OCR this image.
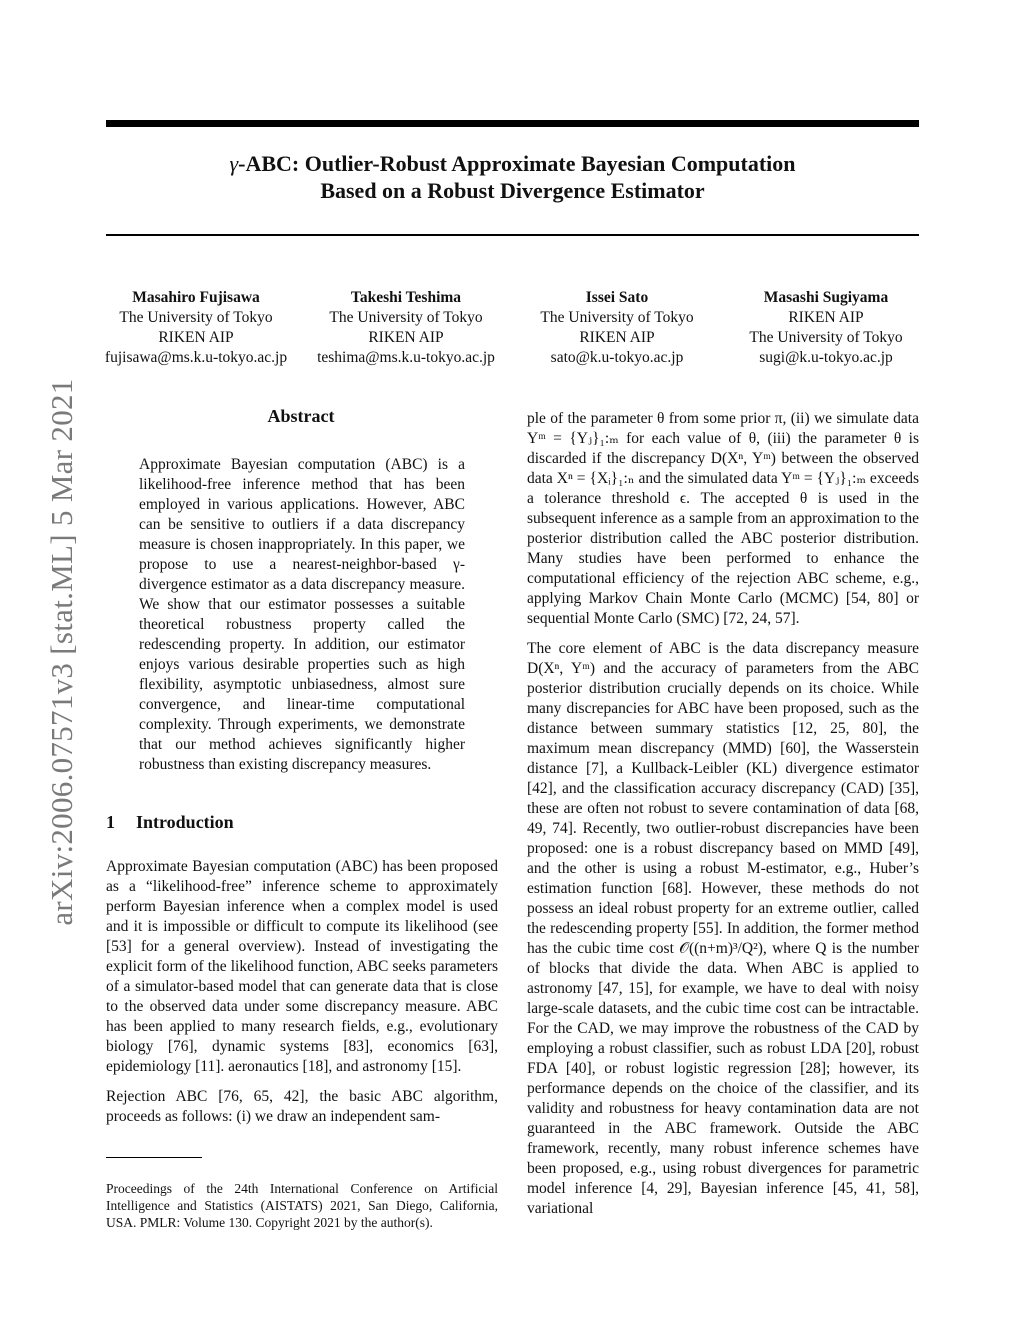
γ-ABC: Outlier-Robust Approximate Bayesian Computation
Based on a Robust Divergence Estimator
arXiv:2006.07571v3 [stat.ML] 5 Mar 2021
Masahiro Fujisawa
The University of Tokyo
RIKEN AIP
fujisawa@ms.k.u-tokyo.ac.jp
Takeshi Teshima
The University of Tokyo
RIKEN AIP
teshima@ms.k.u-tokyo.ac.jp
Issei Sato
The University of Tokyo
RIKEN AIP
sato@k.u-tokyo.ac.jp
Masashi Sugiyama
RIKEN AIP
The University of Tokyo
sugi@k.u-tokyo.ac.jp
Abstract
Approximate Bayesian computation (ABC) is a likelihood-free inference method that has been employed in various applications. However, ABC can be sensitive to outliers if a data discrepancy measure is chosen inappropriately. In this paper, we propose to use a nearest-neighbor-based γ-divergence estimator as a data discrepancy measure. We show that our estimator possesses a suitable theoretical robustness property called the redescending property. In addition, our estimator enjoys various desirable properties such as high flexibility, asymptotic unbiasedness, almost sure convergence, and linear-time computational complexity. Through experiments, we demonstrate that our method achieves significantly higher robustness than existing discrepancy measures.
1 Introduction

Approximate Bayesian computation (ABC) has been proposed as a “likelihood-free” inference scheme to approximately perform Bayesian inference when a complex model is used and it is impossible or difficult to compute its likelihood (see [53] for a general overview). Instead of investigating the explicit form of the likelihood function, ABC seeks parameters of a simulator-based model that can generate data that is close to the observed data under some discrepancy measure. ABC has been applied to many research fields, e.g., evolutionary biology [76], dynamic systems [83], economics [63], epidemiology [11]. aeronautics [18], and astronomy [15].

Rejection ABC [76, 65, 42], the basic ABC algorithm, proceeds as follows: (i) we draw an independent sam-

Proceedings of the 24th International Conference on Artificial Intelligence and Statistics (AISTATS) 2021, San Diego, California, USA. PMLR: Volume 130. Copyright 2021 by the author(s).

ple of the parameter θ from some prior π, (ii) we simulate data Yᵐ = {Yⱼ}₁:ₘ for each value of θ, (iii) the parameter θ is discarded if the discrepancy D(Xⁿ, Yᵐ) between the observed data Xⁿ = {Xᵢ}₁:ₙ and the simulated data Yᵐ = {Yⱼ}₁:ₘ exceeds a tolerance threshold ϵ. The accepted θ is used in the subsequent inference as a sample from an approximation to the posterior distribution called the ABC posterior distribution. Many studies have been performed to enhance the computational efficiency of the rejection ABC scheme, e.g., applying Markov Chain Monte Carlo (MCMC) [54, 80] or sequential Monte Carlo (SMC) [72, 24, 57].

The core element of ABC is the data discrepancy measure D(Xⁿ, Yᵐ) and the accuracy of parameters from the ABC posterior distribution crucially depends on its choice. While many discrepancies for ABC have been proposed, such as the distance between summary statistics [12, 25, 80], the maximum mean discrepancy (MMD) [60], the Wasserstein distance [7], a Kullback-Leibler (KL) divergence estimator [42], and the classification accuracy discrepancy (CAD) [35], these are often not robust to severe contamination of data [68, 49, 74]. Recently, two outlier-robust discrepancies have been proposed: one is a robust discrepancy based on MMD [49], and the other is using a robust M-estimator, e.g., Huber’s estimation function [68]. However, these methods do not possess an ideal robust property for an extreme outlier, called the redescending property [55]. In addition, the former method has the cubic time cost 𝒪((n+m)³/Q²), where Q is the number of blocks that divide the data. When ABC is applied to astronomy [47, 15], for example, we have to deal with noisy large-scale datasets, and the cubic time cost can be intractable. For the CAD, we may improve the robustness of the CAD by employing a robust classifier, such as robust LDA [20], robust FDA [40], or robust logistic regression [28]; however, its performance depends on the choice of the classifier, and its validity and robustness for heavy contamination data are not guaranteed in the ABC framework. Outside the ABC framework, recently, many robust inference schemes have been proposed, e.g., using robust divergences for parametric model inference [4, 29], Bayesian inference [45, 41, 58], variational
